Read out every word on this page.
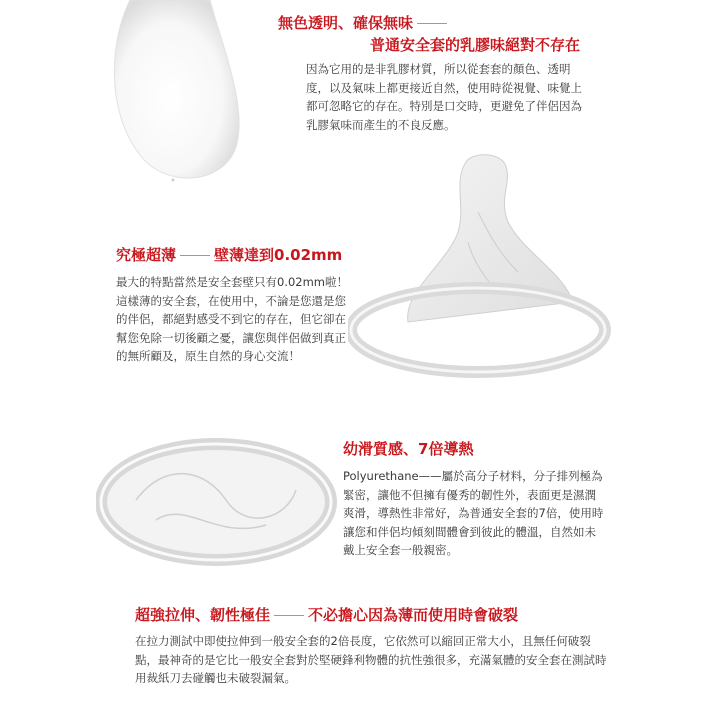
無色透明、確保無味
普通安全套的乳膠味絕對不存在
因為它用的是非乳膠材質，所以從套套的顏色、透明度，以及氣味上都更接近自然，使用時從視覺、味覺上都可忽略它的存在。特別是口交時，更避免了伴侶因為乳膠氣味而產生的不良反應。
究極超薄	壁薄達到0.02mm
最大的特點當然是安全套壁只有0.02mm啦！這樣薄的安全套，在使用中，不論是您還是您的伴侶，都絕對感受不到它的存在，但它卻在幫您免除一切後顧之憂，讓您與伴侶做到真正的無所顧及，原生自然的身心交流！
幼滑質感、7倍導熱
Polyurethane——屬於高分子材料，分子排列極為緊密，讓他不但擁有優秀的韌性外，表面更是濕潤爽滑，導熱性非常好，為普通安全套的7倍，使用時讓您和伴侶均傾刻間體會到彼此的體溫，自然如未戴上安全套一般親密。
超強拉伸、韌性極佳	不必擔心因為薄而使用時會破裂
在拉力測試中即使拉伸到一般安全套的2倍長度，它依然可以縮回正常大小，且無任何破裂點，最神奇的是它比一般安全套對於堅硬鋒利物體的抗性強很多，充滿氣體的安全套在測試時用裁紙刀去碰觸也未破裂漏氣。
